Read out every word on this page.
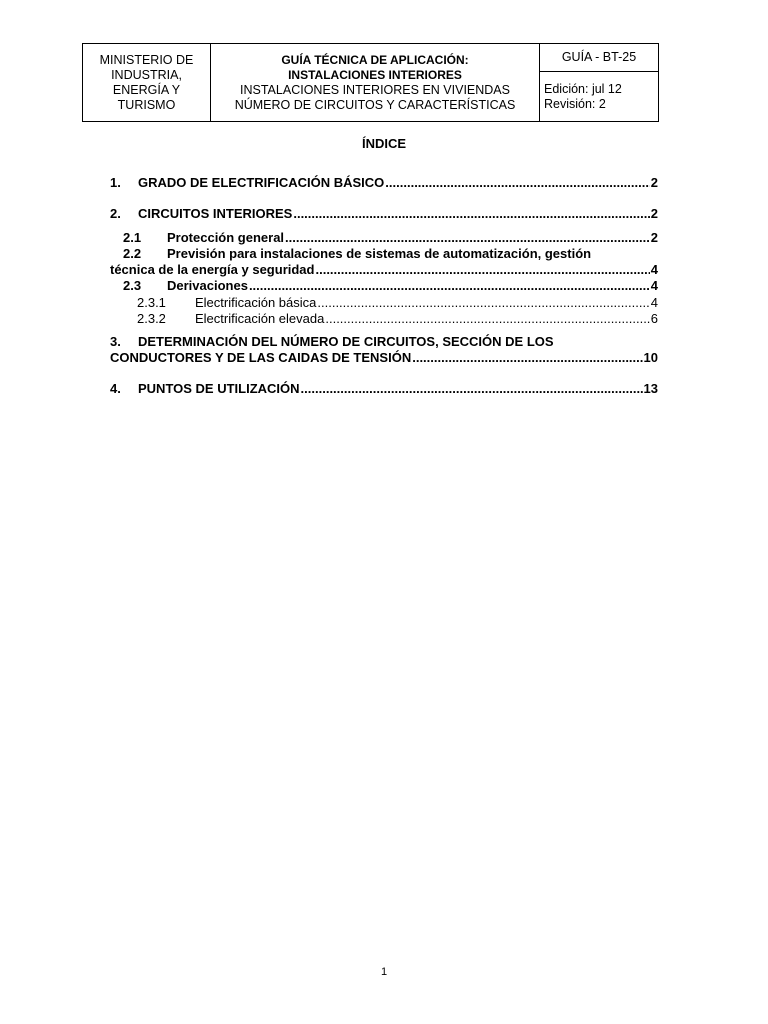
MINISTERIO DE
INDUSTRIA,
ENERGÍA Y
TURISMO

GUÍA TÉCNICA DE APLICACIÓN:
INSTALACIONES INTERIORES
INSTALACIONES INTERIORES EN VIVIENDAS
NÚMERO DE CIRCUITOS Y CARACTERÍSTICAS
	GUÍA - BT-25

Edición: jul 12
Revisión: 2
ÍNDICE
1.	GRADO DE ELECTRIFICACIÓN BÁSICO .....	2
2.	CIRCUITOS INTERIORES .....	2
2.1	Protección general .....	2
2.2 Previsión para instalaciones de sistemas de automatización, gestión
técnica de la energía y seguridad .....	4
2.3	Derivaciones .....	4
2.3.1	Electrificación básica .....	4
2.3.2	Electrificación elevada .....	6
3. DETERMINACIÓN DEL NÚMERO DE CIRCUITOS, SECCIÓN DE LOS
CONDUCTORES Y DE LAS CAIDAS DE TENSIÓN .....	10
4.	PUNTOS DE UTILIZACIÓN .....	13
1
